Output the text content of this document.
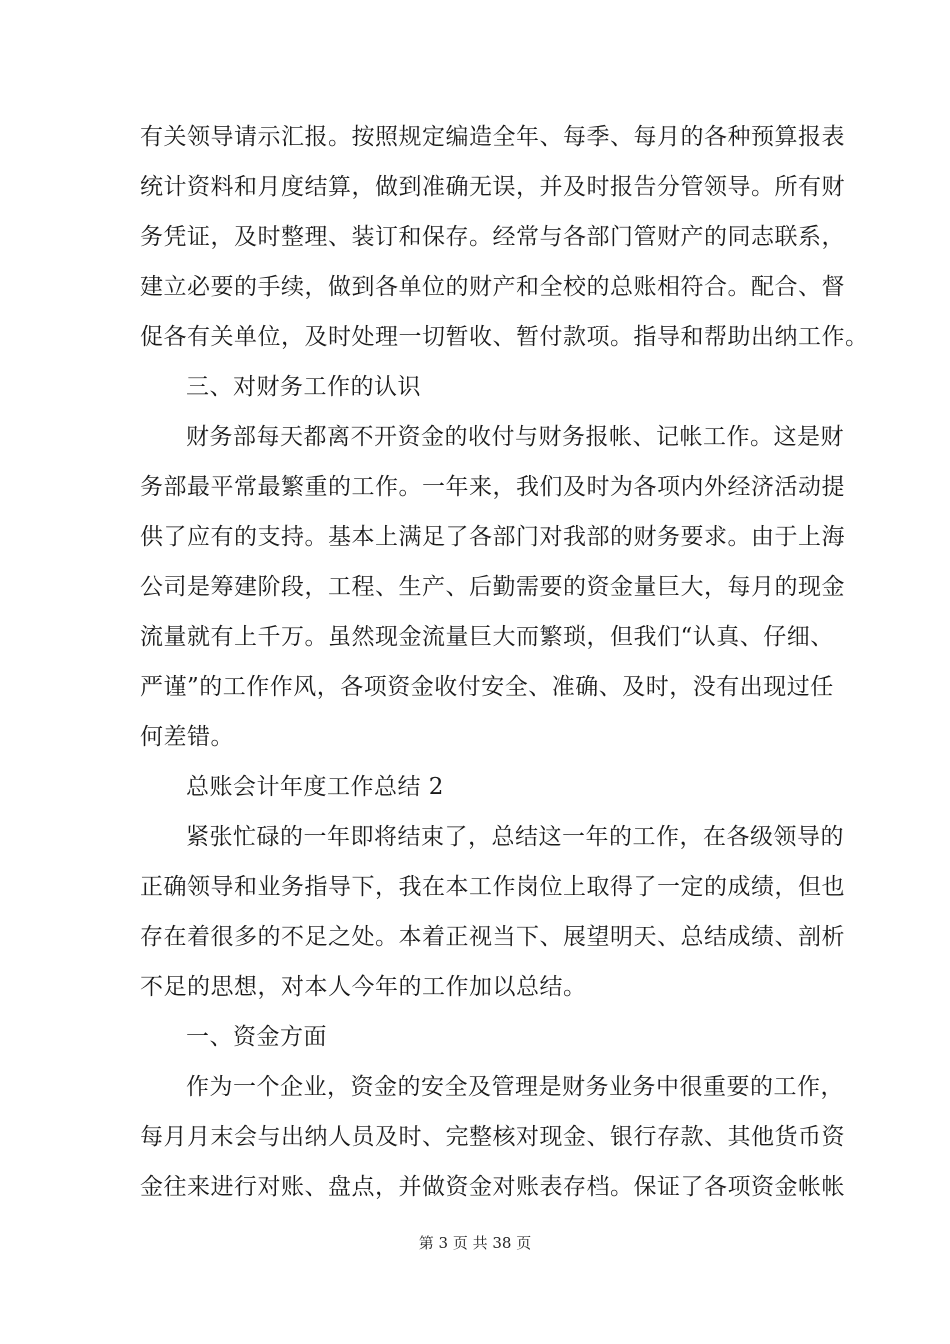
有关领导请示汇报。按照规定编造全年、每季、每月的各种预算报表
统计资料和月度结算，做到准确无误，并及时报告分管领导。所有财
务凭证，及时整理、装订和保存。经常与各部门管财产的同志联系，
建立必要的手续，做到各单位的财产和全校的总账相符合。配合、督
促各有关单位，及时处理一切暂收、暂付款项。指导和帮助出纳工作。
三、对财务工作的认识
财务部每天都离不开资金的收付与财务报帐、记帐工作。这是财
务部最平常最繁重的工作。一年来，我们及时为各项内外经济活动提
供了应有的支持。基本上满足了各部门对我部的财务要求。由于上海
公司是筹建阶段，工程、生产、后勤需要的资金量巨大，每月的现金
流量就有上千万。虽然现金流量巨大而繁琐，但我们“认真、仔细、
严谨”的工作作风，各项资金收付安全、准确、及时，没有出现过任
何差错。
总账会计年度工作总结 2
紧张忙碌的一年即将结束了，总结这一年的工作，在各级领导的
正确领导和业务指导下，我在本工作岗位上取得了一定的成绩，但也
存在着很多的不足之处。本着正视当下、展望明天、总结成绩、剖析
不足的思想，对本人今年的工作加以总结。
一、资金方面
作为一个企业，资金的安全及管理是财务业务中很重要的工作，
每月月末会与出纳人员及时、完整核对现金、银行存款、其他货币资
金往来进行对账、盘点，并做资金对账表存档。保证了各项资金帐帐
第 3 页 共 38 页
